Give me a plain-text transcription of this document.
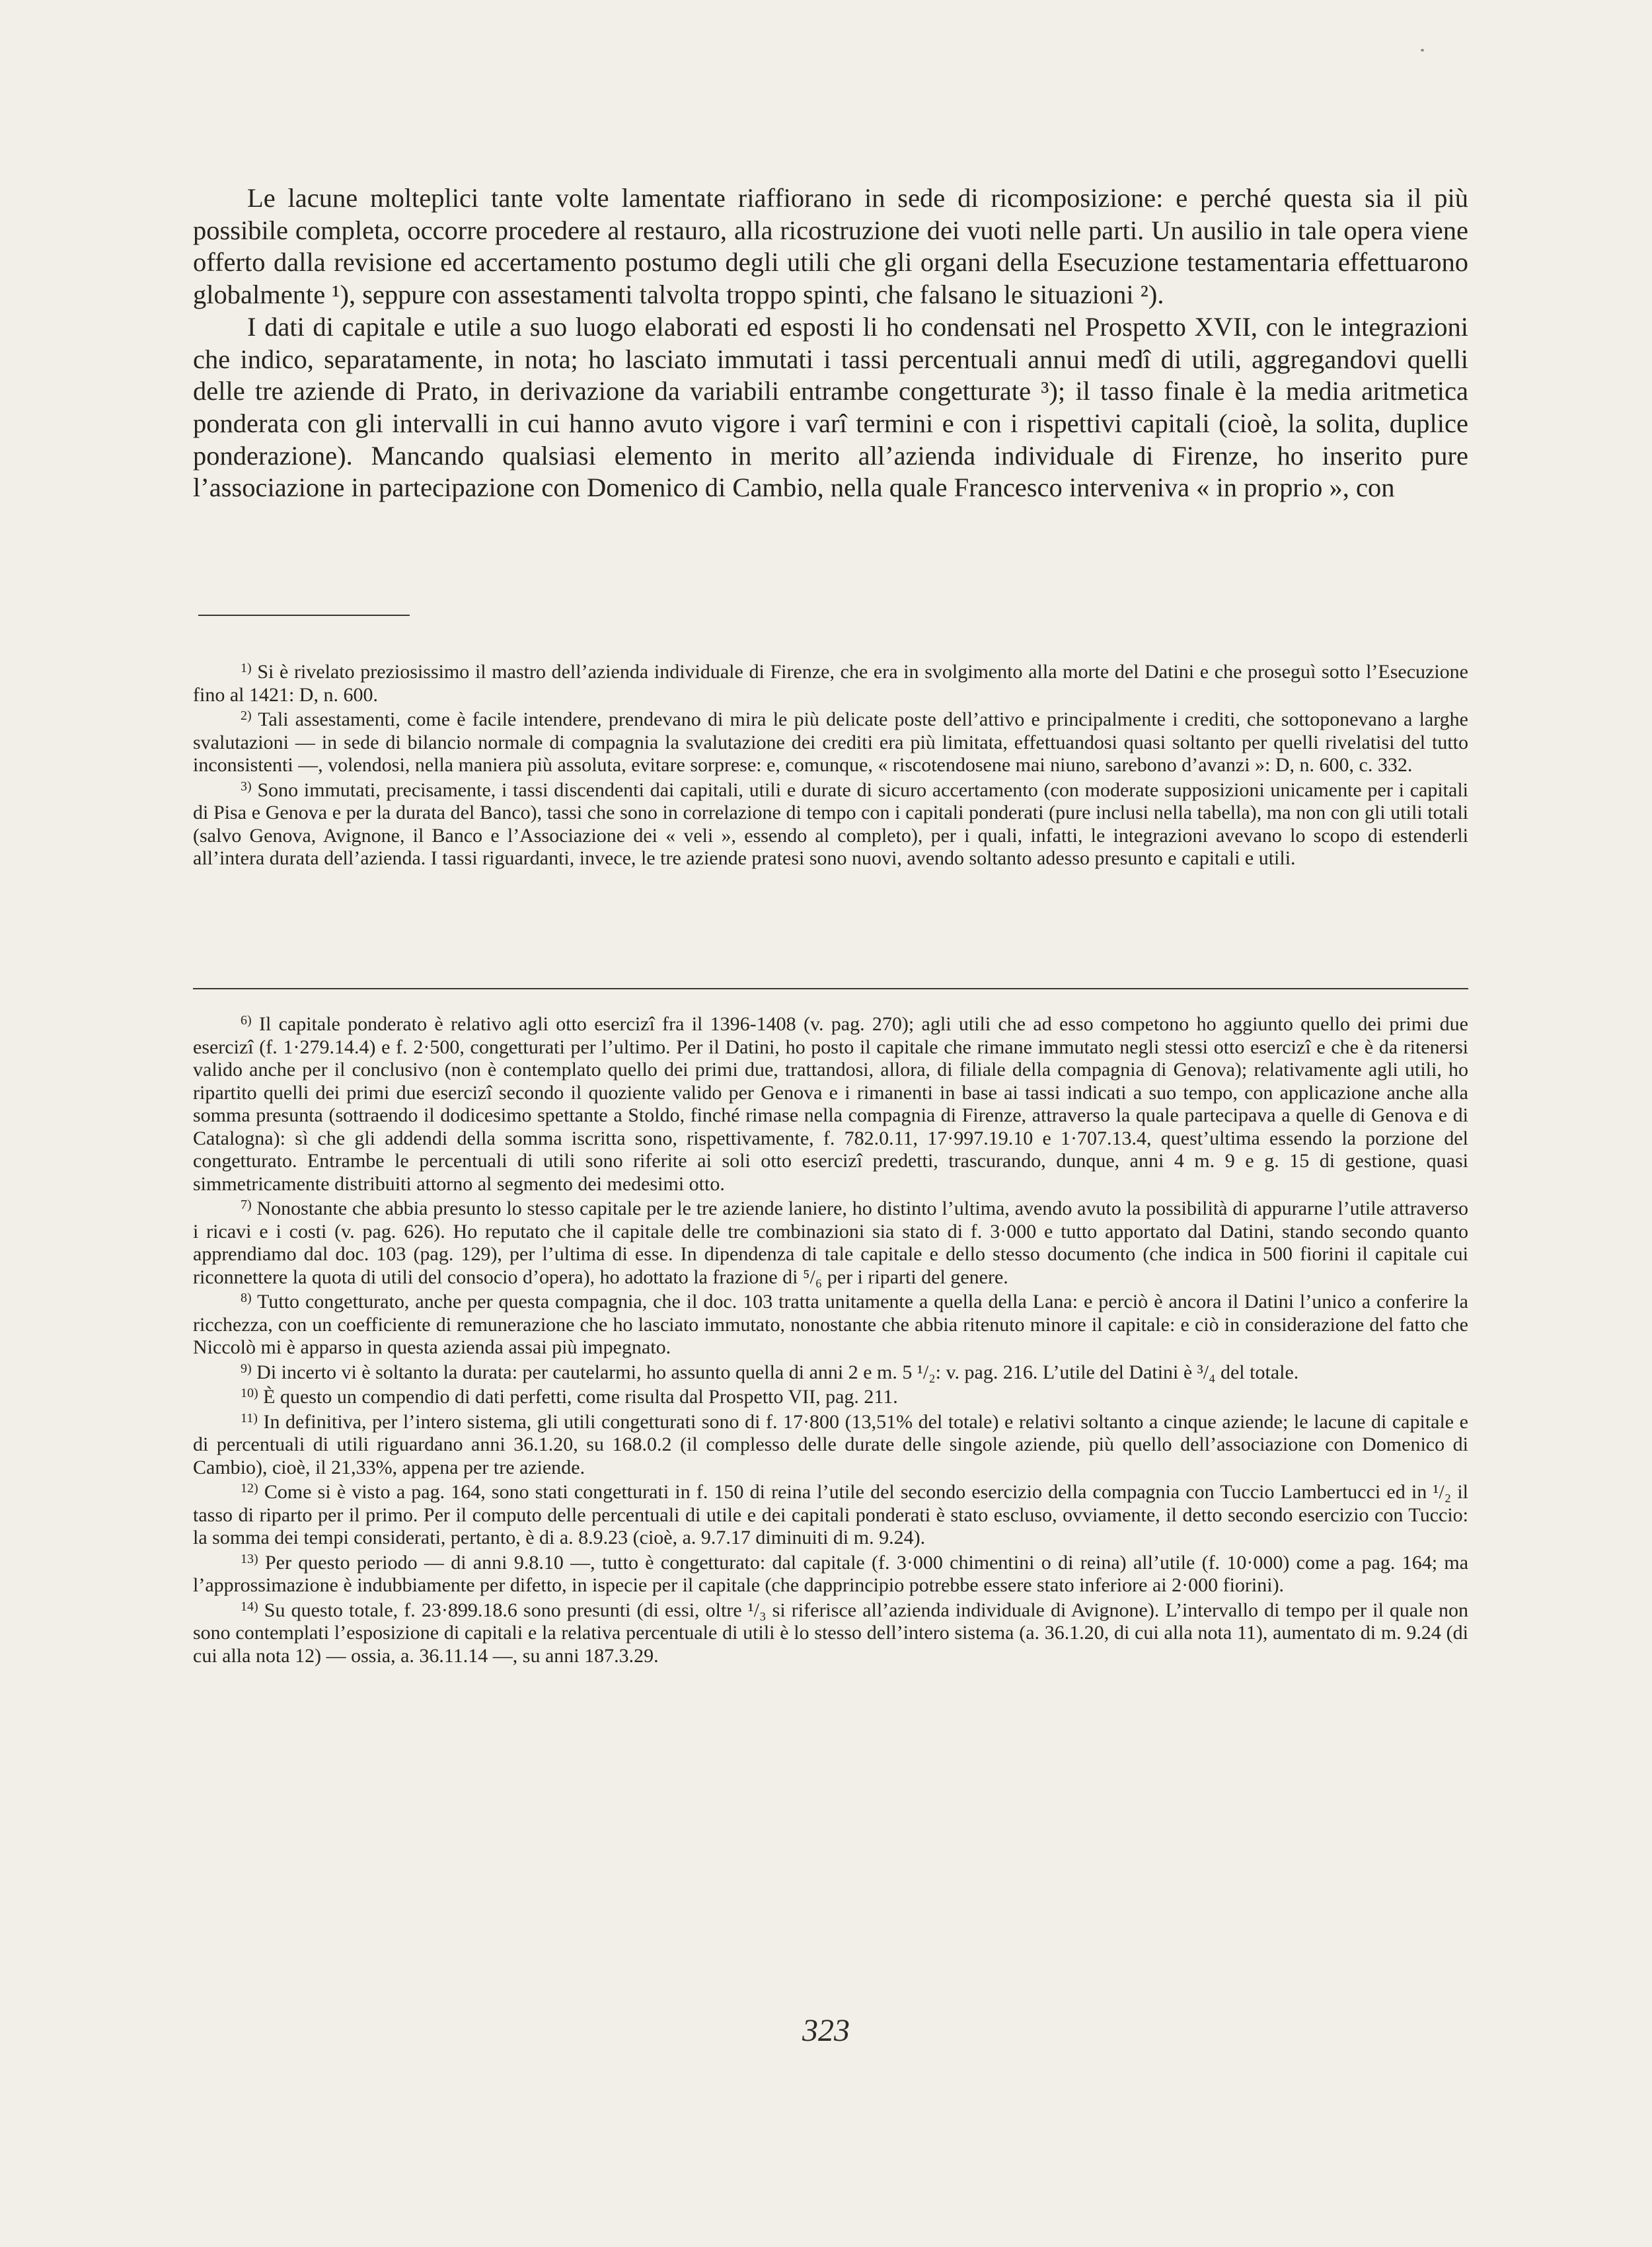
Le lacune molteplici tante volte lamentate riaffiorano in sede di ricomposizione: e perché questa sia il più possibile completa, occorre procedere al restauro, alla ricostruzione dei vuoti nelle parti. Un ausilio in tale opera viene offerto dalla revisione ed accertamento postumo degli utili che gli organi della Esecuzione testamentaria effettuarono globalmente ¹), seppure con assestamenti talvolta troppo spinti, che falsano le situazioni ²).

I dati di capitale e utile a suo luogo elaborati ed esposti li ho condensati nel Prospetto XVII, con le integrazioni che indico, separatamente, in nota; ho lasciato immutati i tassi percentuali annui medî di utili, aggregandovi quelli delle tre aziende di Prato, in derivazione da variabili entrambe congetturate ³); il tasso finale è la media aritmetica ponderata con gli intervalli in cui hanno avuto vigore i varî termini e con i rispettivi capitali (cioè, la solita, duplice ponderazione). Mancando qualsiasi elemento in merito all’azienda individuale di Firenze, ho inserito pure l’associazione in partecipazione con Domenico di Cambio, nella quale Francesco interveniva « in proprio », con

$^{1)}$ Si è rivelato preziosissimo il mastro dell’azienda individuale di Firenze, che era in svolgimento alla morte del Datini e che proseguì sotto l’Esecuzione fino al 1421: D, n. 600.

$^{2)}$ Tali assestamenti, come è facile intendere, prendevano di mira le più delicate poste dell’attivo e principalmente i crediti, che sottoponevano a larghe svalutazioni — in sede di bilancio normale di compagnia la svalutazione dei crediti era più limitata, effettuandosi quasi soltanto per quelli rivelatisi del tutto inconsistenti —, volendosi, nella maniera più assoluta, evitare sorprese: e, comunque, « riscotendosene mai niuno, sarebono d’avanzi »: D, n. 600, c. 332.

$^{3)}$ Sono immutati, precisamente, i tassi discendenti dai capitali, utili e durate di sicuro accertamento (con moderate supposizioni unicamente per i capitali di Pisa e Genova e per la durata del Banco), tassi che sono in correlazione di tempo con i capitali ponderati (pure inclusi nella tabella), ma non con gli utili totali (salvo Genova, Avignone, il Banco e l’Associazione dei « veli », essendo al completo), per i quali, infatti, le integrazioni avevano lo scopo di estenderli all’intera durata dell’azienda. I tassi riguardanti, invece, le tre aziende pratesi sono nuovi, avendo soltanto adesso presunto e capitali e utili.

$^{6)}$ Il capitale ponderato è relativo agli otto esercizî fra il 1396-1408 (v. pag. 270); agli utili che ad esso competono ho aggiunto quello dei primi due esercizî (f. 1·279.14.4) e f. 2·500, congetturati per l’ultimo. Per il Datini, ho posto il capitale che rimane immutato negli stessi otto esercizî e che è da ritenersi valido anche per il conclusivo (non è contemplato quello dei primi due, trattandosi, allora, di filiale della compagnia di Genova); relativamente agli utili, ho ripartito quelli dei primi due esercizî secondo il quoziente valido per Genova e i rimanenti in base ai tassi indicati a suo tempo, con applicazione anche alla somma presunta (sottraendo il dodicesimo spettante a Stoldo, finché rimase nella compagnia di Firenze, attraverso la quale partecipava a quelle di Genova e di Catalogna): sì che gli addendi della somma iscritta sono, rispettivamente, f. 782.0.11, 17·997.19.10 e 1·707.13.4, quest’ultima essendo la porzione del congetturato. Entrambe le percentuali di utili sono riferite ai soli otto esercizî predetti, trascurando, dunque, anni 4 m. 9 e g. 15 di gestione, quasi simmetricamente distribuiti attorno al segmento dei medesimi otto.

$^{7)}$ Nonostante che abbia presunto lo stesso capitale per le tre aziende laniere, ho distinto l’ultima, avendo avuto la possibilità di appurarne l’utile attraverso i ricavi e i costi (v. pag. 626). Ho reputato che il capitale delle tre combinazioni sia stato di f. 3·000 e tutto apportato dal Datini, stando secondo quanto apprendiamo dal doc. 103 (pag. 129), per l’ultima di esse. In dipendenza di tale capitale e dello stesso documento (che indica in 500 fiorini il capitale cui riconnettere la quota di utili del consocio d’opera), ho adottato la frazione di ⁵/₆ per i riparti del genere.

$^{8)}$ Tutto congetturato, anche per questa compagnia, che il doc. 103 tratta unitamente a quella della Lana: e perciò è ancora il Datini l’unico a conferire la ricchezza, con un coefficiente di remunerazione che ho lasciato immutato, nonostante che abbia ritenuto minore il capitale: e ciò in considerazione del fatto che Niccolò mi è apparso in questa azienda assai più impegnato.

$^{9)}$ Di incerto vi è soltanto la durata: per cautelarmi, ho assunto quella di anni 2 e m. 5 ¹/₂: v. pag. 216. L’utile del Datini è ³/₄ del totale.

$^{10)}$ È questo un compendio di dati perfetti, come risulta dal Prospetto VII, pag. 211.

$^{11)}$ In definitiva, per l’intero sistema, gli utili congetturati sono di f. 17·800 (13,51% del totale) e relativi soltanto a cinque aziende; le lacune di capitale e di percentuali di utili riguardano anni 36.1.20, su 168.0.2 (il complesso delle durate delle singole aziende, più quello dell’associazione con Domenico di Cambio), cioè, il 21,33%, appena per tre aziende.

$^{12)}$ Come si è visto a pag. 164, sono stati congetturati in f. 150 di reina l’utile del secondo esercizio della compagnia con Tuccio Lambertucci ed in ¹/₂ il tasso di riparto per il primo. Per il computo delle percentuali di utile e dei capitali ponderati è stato escluso, ovviamente, il detto secondo esercizio con Tuccio: la somma dei tempi considerati, pertanto, è di a. 8.9.23 (cioè, a. 9.7.17 diminuiti di m. 9.24).

$^{13)}$ Per questo periodo — di anni 9.8.10 —, tutto è congetturato: dal capitale (f. 3·000 chimentini o di reina) all’utile (f. 10·000) come a pag. 164; ma l’approssimazione è indubbiamente per difetto, in ispecie per il capitale (che dapprincipio potrebbe essere stato inferiore ai 2·000 fiorini).

$^{14)}$ Su questo totale, f. 23·899.18.6 sono presunti (di essi, oltre ¹/₃ si riferisce all’azienda individuale di Avignone). L’intervallo di tempo per il quale non sono contemplati l’esposizione di capitali e la relativa percentuale di utili è lo stesso dell’intero sistema (a. 36.1.20, di cui alla nota 11), aumentato di m. 9.24 (di cui alla nota 12) — ossia, a. 36.11.14 —, su anni 187.3.29.

323
